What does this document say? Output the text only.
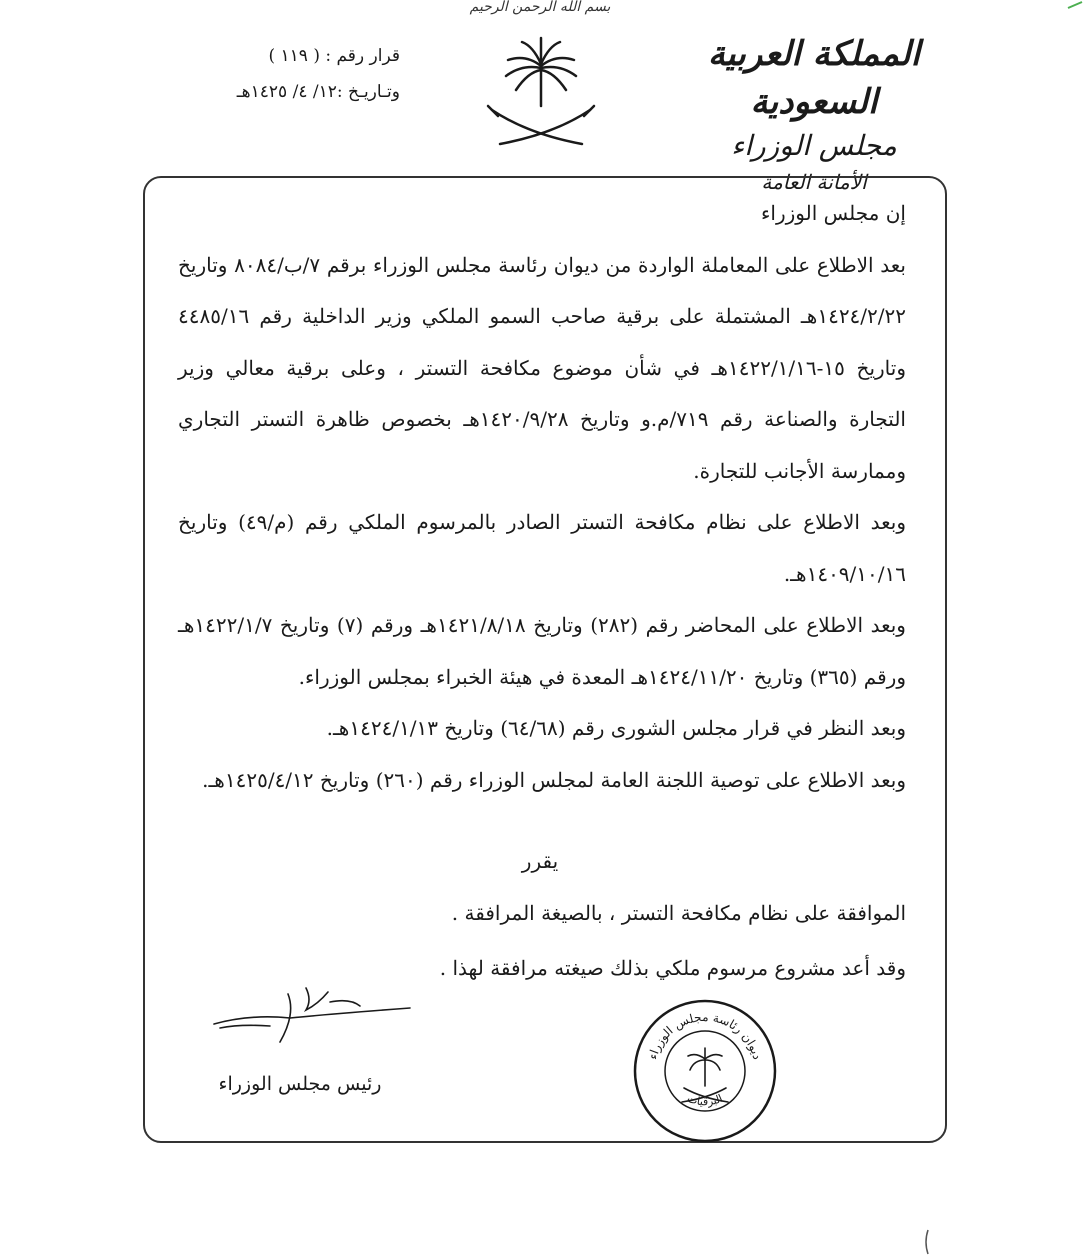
بسم الله الرحمن الرحيم
قرار رقم : ( ١١٩ )
وتـاريـخ :١٢/ ٤/ ١٤٢٥هـ
المملكة العربية السعودية
مجلس الوزراء
الأمانة العامة

إن مجلس الوزراء

بعد الاطلاع على المعاملة الواردة من ديوان رئاسة مجلس الوزراء برقم ٧/ب/٨٠٨٤ وتاريخ ١٤٢٤/٢/٢٢هـ المشتملة على برقية صاحب السمو الملكي وزير الداخلية رقم ٤٤٨٥/١٦ وتاريخ ١٥-١٤٢٢/١/١٦هـ في شأن موضوع مكافحة التستر ، وعلى برقية معالي وزير التجارة والصناعة رقم ٧١٩/م.و وتاريخ ١٤٢٠/٩/٢٨هـ بخصوص ظاهرة التستر التجاري وممارسة الأجانب للتجارة.

وبعد الاطلاع على نظام مكافحة التستر الصادر بالمرسوم الملكي رقم (م/٤٩) وتاريخ ١٤٠٩/١٠/١٦هـ.

وبعد الاطلاع على المحاضر رقم (٢٨٢) وتاريخ ١٤٢١/٨/١٨هـ ورقم (٧) وتاريخ ١٤٢٢/١/٧هـ ورقم (٣٦٥) وتاريخ ١٤٢٤/١١/٢٠هـ المعدة في هيئة الخبراء بمجلس الوزراء.

وبعد النظر في قرار مجلس الشورى رقم (٦٤/٦٨) وتاريخ ١٤٢٤/١/١٣هـ.

وبعد الاطلاع على توصية اللجنة العامة لمجلس الوزراء رقم (٢٦٠) وتاريخ ١٤٢٥/٤/١٢هـ.

يقرر

الموافقة على نظام مكافحة التستر ، بالصيغة المرافقة .

وقد أعد مشروع مرسوم ملكي بذلك صيغته مرافقة لهذا .

رئيس مجلس الوزراء
ديوان رئاسة مجلس الوزراء
البرقيات
